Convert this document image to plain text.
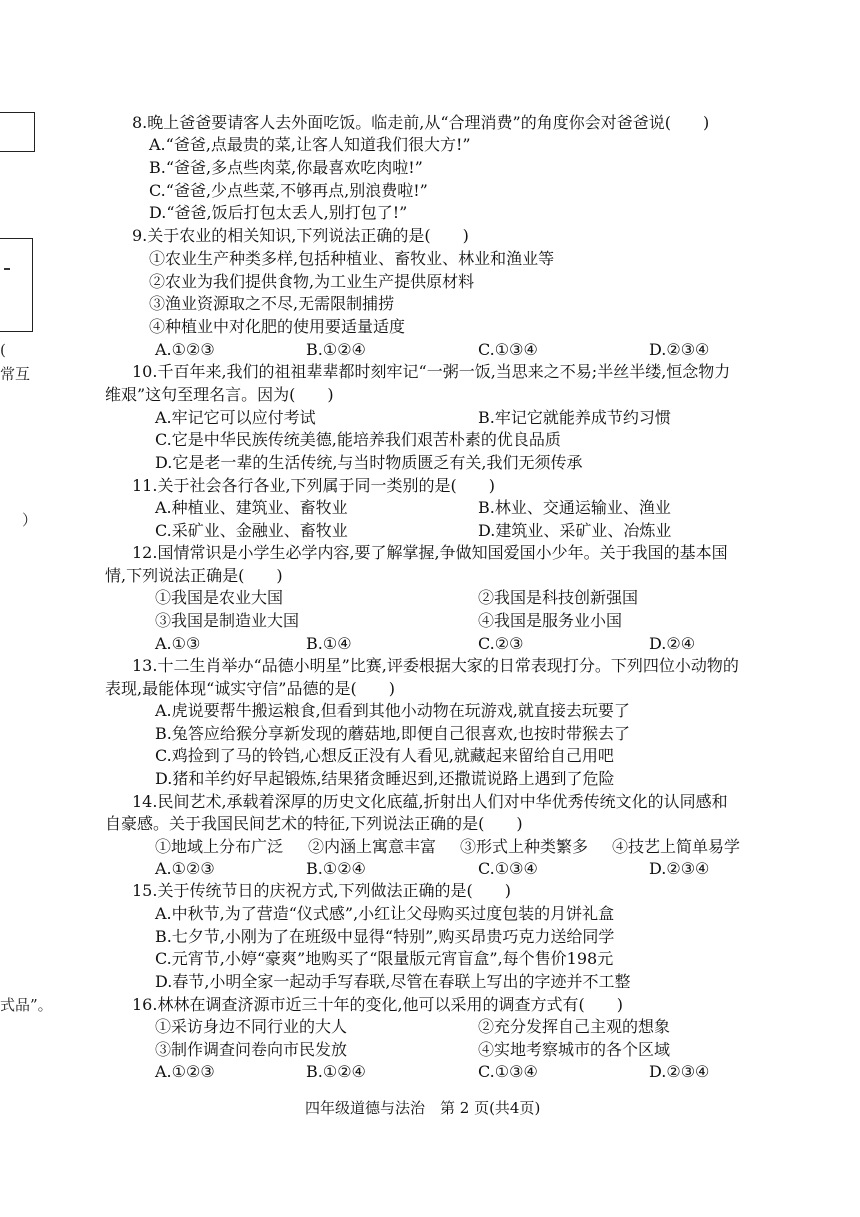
(
常互
）
式品”。
8.晚上爸爸要请客人去外面吃饭。临走前,从“合理消费”的角度你会对爸爸说(　　)
A.“爸爸,点最贵的菜,让客人知道我们很大方!”
B.“爸爸,多点些肉菜,你最喜欢吃肉啦!”
C.“爸爸,少点些菜,不够再点,别浪费啦!”
D.“爸爸,饭后打包太丢人,别打包了!”
9.关于农业的相关知识,下列说法正确的是(　　)
①农业生产种类多样,包括种植业、畜牧业、林业和渔业等
②农业为我们提供食物,为工业生产提供原材料
③渔业资源取之不尽,无需限制捕捞
④种植业中对化肥的使用要适量适度
A.①②③	B.①②④	C.①③④	D.②③④
10.千百年来,我们的祖祖辈辈都时刻牢记“一粥一饭,当思来之不易;半丝半缕,恒念物力
维艰”这句至理名言。因为(　　)
A.牢记它可以应付考试	B.牢记它就能养成节约习惯
C.它是中华民族传统美德,能培养我们艰苦朴素的优良品质
D.它是老一辈的生活传统,与当时物质匮乏有关,我们无须传承
11.关于社会各行各业,下列属于同一类别的是(　　)
A.种植业、建筑业、畜牧业	B.林业、交通运输业、渔业
C.采矿业、金融业、畜牧业	D.建筑业、采矿业、冶炼业
12.国情常识是小学生必学内容,要了解掌握,争做知国爱国小少年。关于我国的基本国
情,下列说法正确是(　　)
①我国是农业大国	②我国是科技创新强国
③我国是制造业大国	④我国是服务业小国
A.①③	B.①④	C.②③	D.②④
13.十二生肖举办“品德小明星”比赛,评委根据大家的日常表现打分。下列四位小动物的
表现,最能体现“诚实守信”品德的是(　　)
A.虎说要帮牛搬运粮食,但看到其他小动物在玩游戏,就直接去玩要了
B.兔答应给猴分享新发现的蘑菇地,即便自己很喜欢,也按时带猴去了
C.鸡捡到了马的铃铛,心想反正没有人看见,就藏起来留给自己用吧
D.猪和羊约好早起锻炼,结果猪贪睡迟到,还撒谎说路上遇到了危险
14.民间艺术,承载着深厚的历史文化底蕴,折射出人们对中华优秀传统文化的认同感和
自豪感。关于我国民间艺术的特征,下列说法正确的是(　　)
①地域上分布广泛 ②内涵上寓意丰富 ③形式上种类繁多 ④技艺上简单易学
A.①②③	B.①②④	C.①③④	D.②③④
15.关于传统节日的庆祝方式,下列做法正确的是(　　)
A.中秋节,为了营造“仪式感”,小红让父母购买过度包装的月饼礼盒
B.七夕节,小刚为了在班级中显得“特别”,购买昂贵巧克力送给同学
C.元宵节,小婷“豪爽”地购买了“限量版元宵盲盒”,每个售价198元
D.春节,小明全家一起动手写春联,尽管在春联上写出的字迹并不工整
16.林林在调查济源市近三十年的变化,他可以采用的调查方式有(　　)
①采访身边不同行业的大人	②充分发挥自己主观的想象
③制作调查问卷向市民发放	④实地考察城市的各个区域
A.①②③	B.①②④	C.①③④	D.②③④
四年级道德与法治　第 2 页(共4页)
